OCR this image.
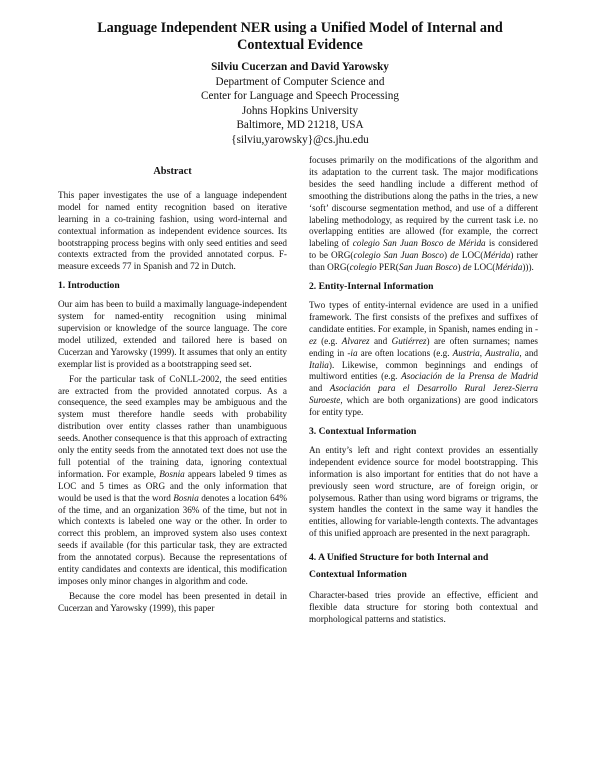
Language Independent NER using a Unified Model of Internal and
Contextual Evidence
Silviu Cucerzan and David Yarowsky
Department of Computer Science and
Center for Language and Speech Processing
Johns Hopkins University
Baltimore, MD 21218, USA
{silviu,yarowsky}@cs.jhu.edu
Abstract

This paper investigates the use of a language independent model for named entity recognition based on iterative learning in a co-training fashion, using word-internal and contextual information as independent evidence sources. Its bootstrapping process begins with only seed entities and seed contexts extracted from the provided annotated corpus. F-measure exceeds 77 in Spanish and 72 in Dutch.

1. Introduction

Our aim has been to build a maximally language-independent system for named-entity recognition using minimal supervision or knowledge of the source language. The core model utilized, extended and tailored here is based on Cucerzan and Yarowsky (1999). It assumes that only an entity exemplar list is provided as a bootstrapping seed set.

For the particular task of CoNLL-2002, the seed entities are extracted from the provided annotated corpus. As a consequence, the seed examples may be ambiguous and the system must therefore handle seeds with probability distribution over entity classes rather than unambiguous seeds. Another consequence is that this approach of extracting only the entity seeds from the annotated text does not use the full potential of the training data, ignoring contextual information. For example, Bosnia appears labeled 9 times as LOC and 5 times as ORG and the only information that would be used is that the word Bosnia denotes a location 64% of the time, and an organization 36% of the time, but not in which contexts is labeled one way or the other. In order to correct this problem, an improved system also uses context seeds if available (for this particular task, they are extracted from the annotated corpus). Because the representations of entity candidates and contexts are identical, this modification imposes only minor changes in algorithm and code.

Because the core model has been presented in detail in Cucerzan and Yarowsky (1999), this paper

focuses primarily on the modifications of the algorithm and its adaptation to the current task. The major modifications besides the seed handling include a different method of smoothing the distributions along the paths in the tries, a new ‘soft’ discourse segmentation method, and use of a different labeling methodology, as required by the current task i.e. no overlapping entities are allowed (for example, the correct labeling of colegio San Juan Bosco de Mérida is considered to be ORG(colegio San Juan Bosco) de LOC(Mérida) rather than ORG(colegio PER(San Juan Bosco) de LOC(Mérida))).

2. Entity-Internal Information

Two types of entity-internal evidence are used in a unified framework. The first consists of the prefixes and suffixes of candidate entities. For example, in Spanish, names ending in -ez (e.g. Alvarez and Gutiérrez) are often surnames; names ending in -ia are often locations (e.g. Austria, Australia, and Italia). Likewise, common beginnings and endings of multiword entities (e.g. Asociación de la Prensa de Madrid and Asociación para el Desarrollo Rural Jerez-Sierra Suroeste, which are both organizations) are good indicators for entity type.

3. Contextual Information

An entity’s left and right context provides an essentially independent evidence source for model bootstrapping. This information is also important for entities that do not have a previously seen word structure, are of foreign origin, or polysemous. Rather than using word bigrams or trigrams, the system handles the context in the same way it handles the entities, allowing for variable-length contexts. The advantages of this unified approach are presented in the next paragraph.

4. A Unified Structure for both Internal and
Contextual Information

Character-based tries provide an effective, efficient and flexible data structure for storing both contextual and morphological patterns and statistics.
